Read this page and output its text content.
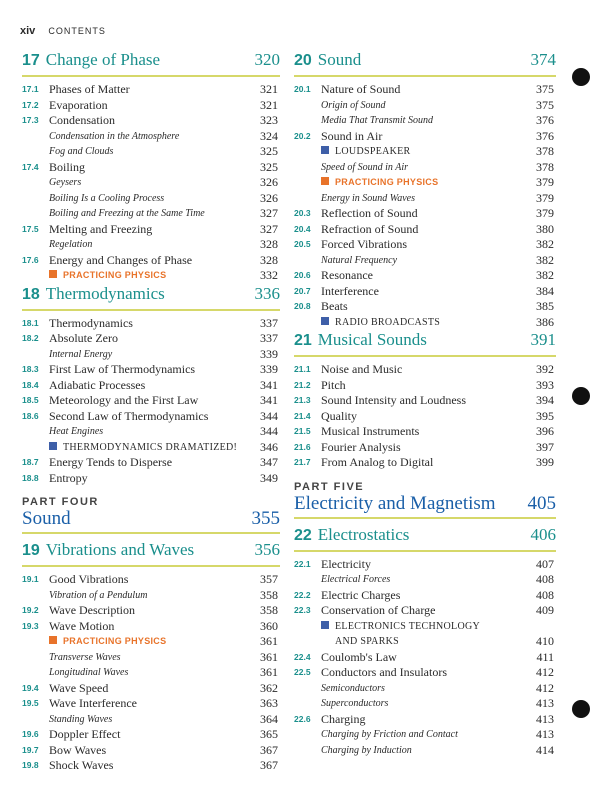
xiv CONTENTS
17 Change of Phase	320
17.1 Phases of Matter	321
17.2 Evaporation	321
17.3 Condensation	323
Condensation in the Atmosphere	324
Fog and Clouds	325
17.4 Boiling	325
Geysers	326
Boiling Is a Cooling Process	326
Boiling and Freezing at the Same Time	327
17.5 Melting and Freezing	327
Regelation	328
17.6 Energy and Changes of Phase	328
PRACTICING PHYSICS	332
18 Thermodynamics	336
18.1 Thermodynamics	337
18.2 Absolute Zero	337
Internal Energy	339
18.3 First Law of Thermodynamics	339
18.4 Adiabatic Processes	341
18.5 Meteorology and the First Law	341
18.6 Second Law of Thermodynamics	344
Heat Engines	344
THERMODYNAMICS DRAMATIZED! 346
18.7 Energy Tends to Disperse	347
18.8 Entropy	349
PART FOUR
Sound	355
19 Vibrations and Waves	356
19.1 Good Vibrations	357
Vibration of a Pendulum	358
19.2 Wave Description	358
19.3 Wave Motion	360
PRACTICING PHYSICS	361
Transverse Waves	361
Longitudinal Waves	361
19.4 Wave Speed	362
19.5 Wave Interference	363
Standing Waves	364
19.6 Doppler Effect	365
19.7 Bow Waves	367
19.8 Shock Waves	367
20 Sound	374
20.1 Nature of Sound	375
Origin of Sound	375
Media That Transmit Sound	376
20.2 Sound in Air	376
LOUDSPEAKER	378
Speed of Sound in Air	378
PRACTICING PHYSICS	379
Energy in Sound Waves	379
20.3 Reflection of Sound	379
20.4 Refraction of Sound	380
20.5 Forced Vibrations	382
Natural Frequency	382
20.6 Resonance	382
20.7 Interference	384
20.8 Beats	385
RADIO BROADCASTS	386
21 Musical Sounds	391
21.1 Noise and Music	392
21.2 Pitch	393
21.3 Sound Intensity and Loudness	394
21.4 Quality	395
21.5 Musical Instruments	396
21.6 Fourier Analysis	397
21.7 From Analog to Digital	399
PART FIVE
Electricity and Magnetism 405
22 Electrostatics	406
22.1 Electricity	407
Electrical Forces	408
22.2 Electric Charges	408
22.3 Conservation of Charge	409
ELECTRONICS TECHNOLOGY
AND SPARKS	410
22.4 Coulomb's Law	411
22.5 Conductors and Insulators	412
Semiconductors	412
Superconductors	413
22.6 Charging	413
Charging by Friction and Contact	413
Charging by Induction	414
